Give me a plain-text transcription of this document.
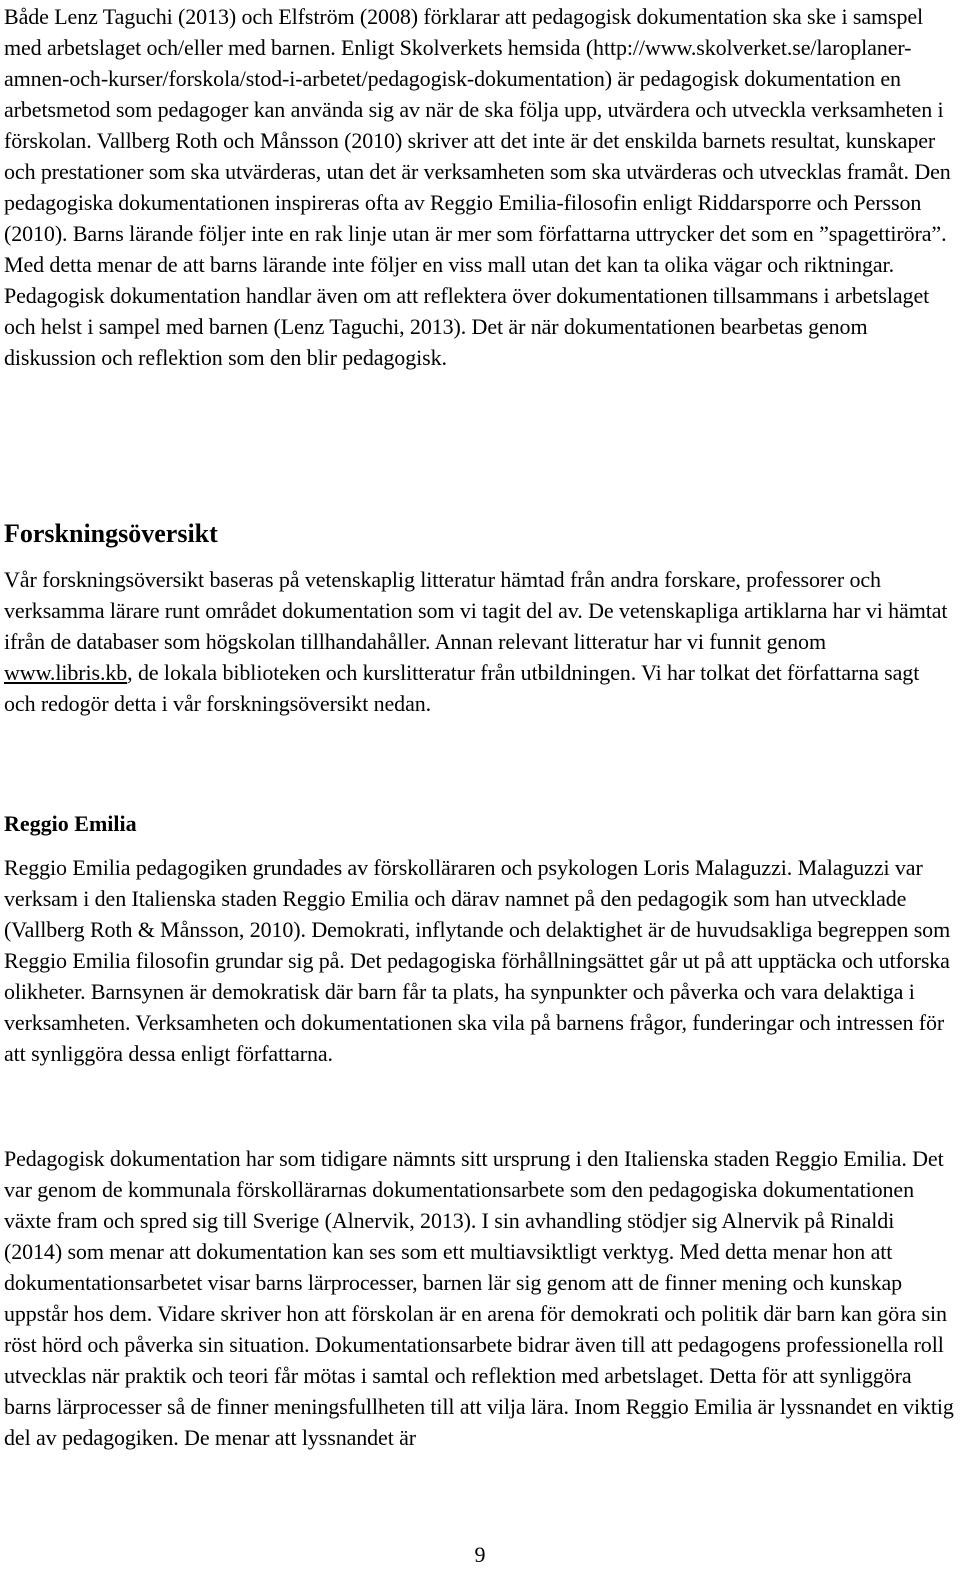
Både Lenz Taguchi (2013) och Elfström (2008) förklarar att pedagogisk dokumentation ska ske i samspel med arbetslaget och/eller med barnen. Enligt Skolverkets hemsida (http://www.skolverket.se/laroplaner-amnen-och-kurser/forskola/stod-i-arbetet/pedagogisk-dokumentation) är pedagogisk dokumentation en arbetsmetod som pedagoger kan använda sig av när de ska följa upp, utvärdera och utveckla verksamheten i förskolan. Vallberg Roth och Månsson (2010) skriver att det inte är det enskilda barnets resultat, kunskaper och prestationer som ska utvärderas, utan det är verksamheten som ska utvärderas och utvecklas framåt. Den pedagogiska dokumentationen inspireras ofta av Reggio Emilia-filosofin enligt Riddarsporre och Persson (2010). Barns lärande följer inte en rak linje utan är mer som författarna uttrycker det som en ”spagettiröra”. Med detta menar de att barns lärande inte följer en viss mall utan det kan ta olika vägar och riktningar. Pedagogisk dokumentation handlar även om att reflektera över dokumentationen tillsammans i arbetslaget och helst i sampel med barnen (Lenz Taguchi, 2013). Det är när dokumentationen bearbetas genom diskussion och reflektion som den blir pedagogisk.

Forskningsöversikt

Vår forskningsöversikt baseras på vetenskaplig litteratur hämtad från andra forskare, professorer och verksamma lärare runt området dokumentation som vi tagit del av. De vetenskapliga artiklarna har vi hämtat ifrån de databaser som högskolan tillhandahåller. Annan relevant litteratur har vi funnit genom www.libris.kb, de lokala biblioteken och kurslitteratur från utbildningen. Vi har tolkat det författarna sagt och redogör detta i vår forskningsöversikt nedan.

Reggio Emilia

Reggio Emilia pedagogiken grundades av förskolläraren och psykologen Loris Malaguzzi. Malaguzzi var verksam i den Italienska staden Reggio Emilia och därav namnet på den pedagogik som han utvecklade (Vallberg Roth & Månsson, 2010). Demokrati, inflytande och delaktighet är de huvudsakliga begreppen som Reggio Emilia filosofin grundar sig på. Det pedagogiska förhållningsättet går ut på att upptäcka och utforska olikheter. Barnsynen är demokratisk där barn får ta plats, ha synpunkter och påverka och vara delaktiga i verksamheten. Verksamheten och dokumentationen ska vila på barnens frågor, funderingar och intressen för att synliggöra dessa enligt författarna.

Pedagogisk dokumentation har som tidigare nämnts sitt ursprung i den Italienska staden Reggio Emilia. Det var genom de kommunala förskollärarnas dokumentationsarbete som den pedagogiska dokumentationen växte fram och spred sig till Sverige (Alnervik, 2013). I sin avhandling stödjer sig Alnervik på Rinaldi (2014) som menar att dokumentation kan ses som ett multiavsiktligt verktyg. Med detta menar hon att dokumentationsarbetet visar barns lärprocesser, barnen lär sig genom att de finner mening och kunskap uppstår hos dem. Vidare skriver hon att förskolan är en arena för demokrati och politik där barn kan göra sin röst hörd och påverka sin situation. Dokumentationsarbete bidrar även till att pedagogens professionella roll utvecklas när praktik och teori får mötas i samtal och reflektion med arbetslaget. Detta för att synliggöra barns lärprocesser så de finner meningsfullheten till att vilja lära. Inom Reggio Emilia är lyssnandet en viktig del av pedagogiken. De menar att lyssnandet är

9
